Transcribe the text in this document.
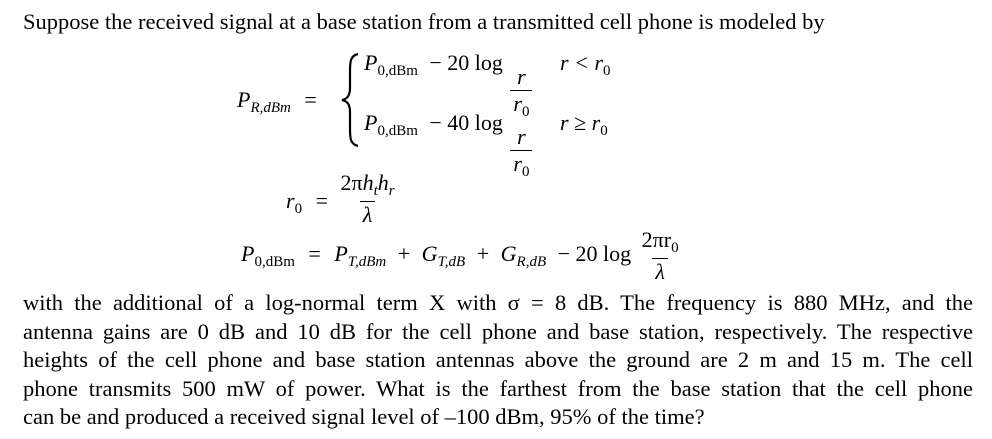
Suppose the received signal at a base station from a transmitted cell phone is modeled by
$P_{R,dBm}$ =
$P_{0,dBm} - 20$ log
$\frac{r}{r_0}$
$r < r_0$
$P_{0,dBm} - 40$ log
$\frac{r}{r_0}$
$r \ge r_0$
$r_0 = \frac{2\pi h_th_r}{\lambda}$
$P_{0,dBm} = P_{T,dBm} + G_{T,dB} + G_{R,dB} - 20$ $\log \frac{2\pi r_0}{\lambda}$
with the additional of a log-normal term X with σ = 8 dB. The frequency is 880 MHz, and the
antenna gains are 0 dB and 10 dB for the cell phone and base station, respectively. The respective
heights of the cell phone and base station antennas above the ground are 2 m and 15 m. The cell
phone transmits 500 mW of power. What is the farthest from the base station that the cell phone
can be and produced a received signal level of –100 dBm, 95% of the time?
